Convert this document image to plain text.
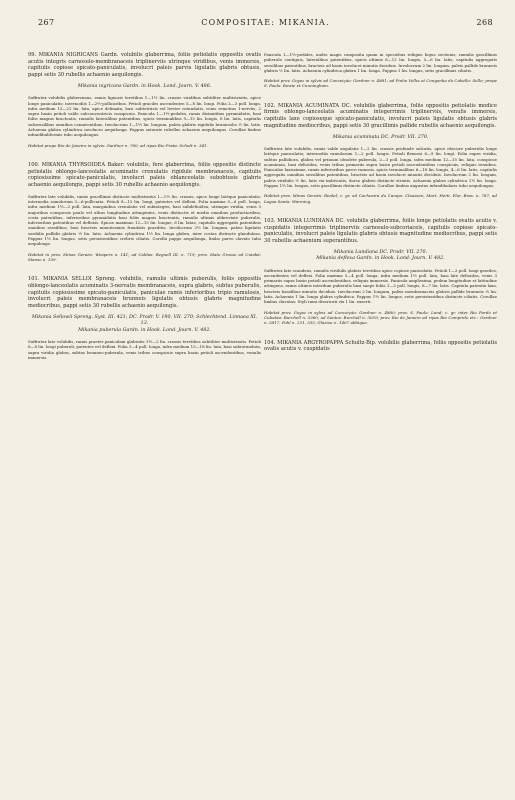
267	COMPOSITAE: MIKANIA.	268

99. MIKANIA NIGRICANS Gardn. volubilis glaberrima, foliis petiolatis oppositis ovatis acutis integris carnosulo-membranaceis triplinerviis utrinque viridibus, venis immersis, capitulis copiose spicato-paniculatis, involucri paleis parvis ligulatis glabris obtusis, pappi setis 30 rubellis achaenio aequilongis.

Mikania nigricans Gardn. in Hook. Lond. Journ. V. 486.

Suffrutex volubilis glaberrimus, ramis lignosis teretibus 1—1½ lin. crassis viridibus subtiliter multistriatis, apice longe paniculatis; internodiis 1—2½-pollicaribus. Petioli graciles ascendentes 5—8 lin. longi. Folia 2—3 poll. longa, infra medium 15—21 lin. lata, apice delimata, basi subtetrüsis vel leviter rotundatis, venis remotius 1-nerviis, 2 supra basin petioli valde subconcentricis conspicuis. Panicula 1—1½-pedales, ramis distantibus pyramidatis, basi foliis magnis bracteatis, ramulis lateralibus patentibus, spicis terminalibus 9—15 lin. longis, 6 lin. latis, capitulis subsessilibus omnibus conniventibus. Involucrum 1—1½ lin. longum, paleis glabris rigidulis brunneolis ⅕ lin. latis. Achaenia glabra cylindrica involucro aequilonga. Pappus saturate rubellus achaenio aequilongus. Corollae limbus infundibuliformis tubo aequilongus.

Habitat prope Rio de Janeiro in sylvis: Gardner n. 780; ad ripas Rio Prata: Schott n. 341.

100. MIKANIA THYRSOIDEA Baker: volubilis, fere glaberrima, foliis oppositis distincte petiolatis oblongo-lanceolatis acuminatis crenulatis rigidule membranaceis, capitulis copiosissime spicato-paniculatis, involucri paleis oblanceolatis subobtusis glabris achaenio aequilongis, pappi setis 30 rubellis achaenio aequilongis.

Suffrutex late volubilis, ramis gracillimis distincte multistriatis 1—1½ lin. crassis, apice longe latéque paniculatis; internodia ramulorum 3—6-pollicaria. Petioli 8—15 lin. longi, patentes vel deflexi. Folia maxima 5—6 poll. longa, infra medium 1½—2 poll. lata, marginibus crenulatis vel subintegris, basi subdeltoidea, utrinque viridia, venis 3 majoribus conspicuis paulo vel altius longitudine attingentes, venis distinctis et medio omnibus productioribus, costa patentibus, inferioribus pyramidatis basi foliis magnis bracteatis, ramulis ultimis abbreviate puberulis, inferioribus patentibus vel deflexis. Spicae maximae 12—15 lin. longae, 6 lin. latae, capitulis aggregatis patentibus omnibus sessilibus, basi bracteis minutissimis fraudatis praeditis. Involucrum 2½ lin. longum, paleis ligulatis sordidis pallidis glabris ⅓ lin. latis. Achaenia cylindrica 1½ lin. longa glabra, inter costas distincte glandulosa. Pappus 1½ lin. longus, setis persistentibus crebris ciliatis. Corolla pappo aequilonga, limbo parvo clavato tubo aequilongo.

Habitat in prov. Minas Geraës: Weapers n. 141; ad Caldas: Regnell III. n. 719; prov. Mato Grosso ad Cuiabá: Manso n. 109.

101. MIKANIA SELLOI Spreng. volubilis, ramulis ultimis puberulis, foliis oppositis oblongo-lanceolatis acuminatis 3-nervatis membranaceis, supra glabris, subtus puberulis, capitulis copiosissime spicato-paniculatis, paniculae ramis inferioribus tripio ramulosis, involucri paleis membranaceis brunneis ligulatis obtusis glabris magnitudine mediocribus, pappi setis 30 rubellis achaenio aequilongis.

Mikania Sellowii Spreng. Syst. III. 421; DC. Prodr. V. 190, VII. 270; Schlechtend. Linnaea XI. 13.

Mikania puberula Gardn. in Hook. Lond. Journ. V. 482.

Suffrutex late volubilis, ramis praeter paniculam glabratis 1½—2 lin. crassis teretibus subtiliter multistriatis. Petioli 6—8 lin. longi puberuli, patentes vel deflexi. Folia 3—4 poll. longa, infra medium 15—18 lin. lata, basi subrotundata, supra viridia glabra, subtus brunneo-puberula, venis tribus conspicuis supra basin petioli ascendentibus, venulis immersis.

Panicula 1—1½-pedales, multo magis composita quam in speciebus reliquis hujus sectionis, ramulis gracillimis puberulo contiguis, lateralibus patentibus, spicis ultimis 6—12 lin. longis, 5—6 lin. latis, capitulis aggregatis sessilibus patentibus, bracteis ad basin involucri minutis deciduis. Involucrum 2 lin. longum, paleis pallide brunneis glabris ⅕ lin. latis. Achaenia cylindrica glabra 1 lin. longa. Pappus 1 lin. longus, setis gracillimis ciliatis.

Habitat prov. Goyaz in sylvis ad Conceição: Gardner n. 4881; ad Pinho Velha et Congonha do Cabello: Sello; prope S. Paulo: Bowie et Cunningham.

102. MIKANIA ACUMINATA DC. volubilis glaberrima, foliis oppositis petiolatis modice firmis oblongo-lanceolatis acuminatis integerrimis triplinerviis, venulis immersis, capitulis laxe copioseque spicato-paniculatis, involucri paleis ligulatis obtusis glabris magnitudine mediocribus, pappi setis 30 gracillimis pallide rubellis achaenio aequilongis.

Mikania acuminata DC. Prodr. VII. 270.

Suffrutex late volubilis, ramis valde angulatis 1—2 lin. crassis profunde sulcatis, apice obscure puberulis longe latéque paniculatis; internodiis ramulorum 1—2 poll. longis. Petioli flexuosi 6—9 lin. longi. Folia supra viridia, subtus pallidiora, glabra vel primum obsolete puberula, 2—3 poll. longa, infra medium 12—15 lin. lata, conspicue acuminata, basi deltoidea, venis tribus primariis supra basin petioli ascendentibus conspicuis, reliquis tenuibus. Paniculae laxissimae, ramis inferioribus parce ramosis, spicis terminalibus 6—18 lin. longis, 4—6 lin. latis, capitulis aggregatis omnibus sessilibus patentibus, bracteis ad basin involucri minutis deciduis. Involucrum 2 lin. longum, paleis viridulis ⅕ lin. latis vix imbricatis, dorso glabris distincte striatis. Achaenia glabra cylindrica 1½ lin. longa. Pappus 1½ lin. longus, setis gracillimis distincte ciliatis. Corollae limbus angustus infundibularis tubo aequilongus.

Habitat prov. Minas Geraës: Riedel; c. gr. ad Cachoeira do Campo: Claussen, Mart. Herb. Flor. Bras. n. 787; ad Lagoa Santa: Warming.

103. MIKANIA LUNDIANA DC. volubilis glaberrima, foliis longe petiolatis ovatis acutis v. cuspidatis integerrimis triplinerviis carnosulo-subcoriaceis, capitulis copiose spicato-paniculatis, involucri paleis ligulatis glabris obtusis magnitudine mediocribus, pappi setis 30 rubellis achaenium superantibus.

Mikania Lundiana DC. Prodr. VII. 270.

Mikania deflexa Gardn. in Hook. Lond. Journ. V. 482.

Suffrutex late scandens, ramulis viridulis glabris teretibus apice copiose paniculatis. Petioli 1—2 poll. longi graciles, ascendentes vel deflexi. Folia maxima 3—4 poll. longa, infra medium 1½ poll. lata, basi late deltoidea, venis 3 primariis supra basin petioli ascendentibus, reliquis immersis. Panicula amplissima, pedem longitudine et latitudine attingens, ramis ultimis interdum puberulis basi saepe foliis 1—2 poll. longis, 6—7 lin. latis. Capitula patentia laxa, bracteis basalibus minutis deciduis. Involucrum 2 lin. longum, paleis membranaceis glabris pallide brunneis ⅓ lin. latis. Achaenia 1 lin. longa glabra cylindrica. Pappus 1½ lin. longus, setis persistentibus distincte ciliatis. Corollae limbus clavatus: Styli rami divaricati vix 1 lin. exserti.

Habitat prov. Goyaz in sylvis ad Conceição: Gardner n. 4880; prov. S. Paulo: Lund; c. gr. inter Rio Pardo et Cubatão: Burchell n. 5360; ad Santos: Burchell n. 3059; prov. Rio de Janeiro ad ripas Rio Comprido etc.: Gardner n. 5817, Pohl n. 231, 535, Glaziou n. 1467 alibique.

104. MIKANIA ARGYROPAPPA Schultz-Bip. volubilis glaberrima, foliis oppositis petiolatis ovatis acutis v. cuspidatis
